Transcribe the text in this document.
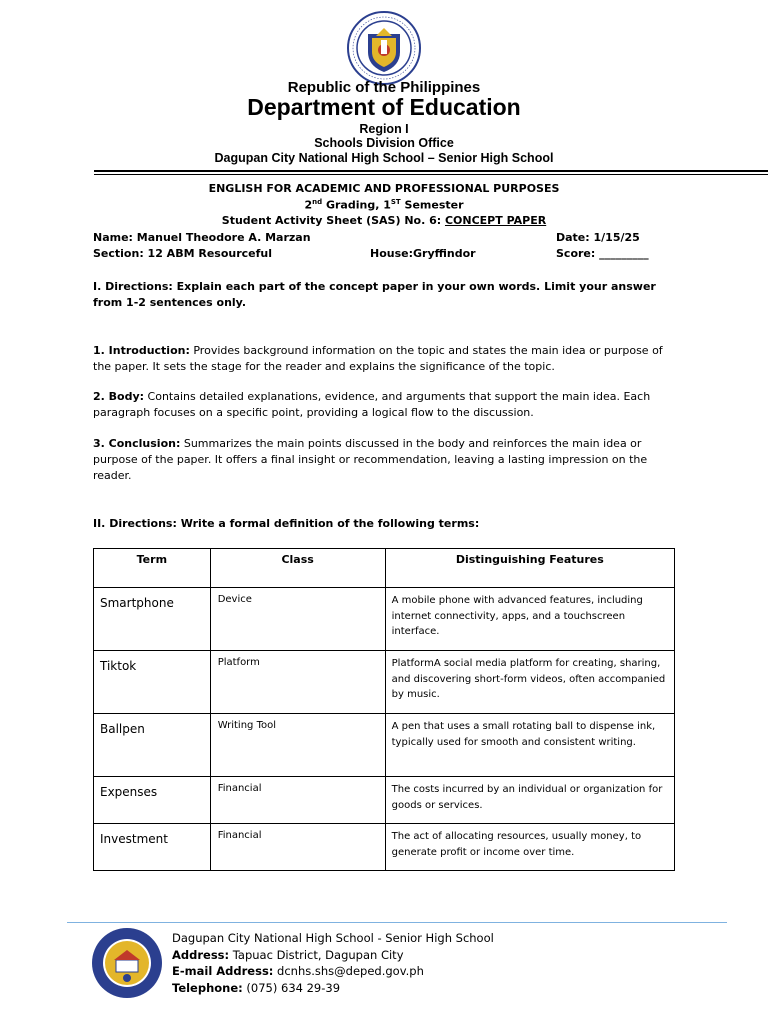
Republic of the Philippines
Department of Education
Region I
Schools Division Office
Dagupan City National High School – Senior High School
ENGLISH FOR ACADEMIC AND PROFESSIONAL PURPOSES
2nd Grading, 1ST Semester
Student Activity Sheet (SAS) No. 6: CONCEPT PAPER
Name: Manuel Theodore A. Marzan	Date: 1/15/25
Section: 12 ABM Resourceful	House:Gryffindor	Score: _________
I. Directions: Explain each part of the concept paper in your own words. Limit your answer from 1-2 sentences only.
1. Introduction: Provides background information on the topic and states the main idea or purpose of the paper. It sets the stage for the reader and explains the significance of the topic.
2. Body: Contains detailed explanations, evidence, and arguments that support the main idea. Each paragraph focuses on a specific point, providing a logical flow to the discussion.
3. Conclusion: Summarizes the main points discussed in the body and reinforces the main idea or purpose of the paper. It offers a final insight or recommendation, leaving a lasting impression on the reader.
II. Directions: Write a formal definition of the following terms:
Term	Class	Distinguishing Features
Smartphone	Device	A mobile phone with advanced features, including internet connectivity, apps, and a touchscreen interface.
Tiktok	Platform	PlatformA social media platform for creating, sharing, and discovering short-form videos, often accompanied by music.
Ballpen	Writing Tool	A pen that uses a small rotating ball to dispense ink, typically used for smooth and consistent writing.
Expenses	Financial	The costs incurred by an individual or organization for goods or services.
Investment	Financial	The act of allocating resources, usually money, to generate profit or income over time.
Dagupan City National High School - Senior High School
Address: Tapuac District, Dagupan City
E-mail Address: dcnhs.shs@deped.gov.ph
Telephone: (075) 634 29-39
